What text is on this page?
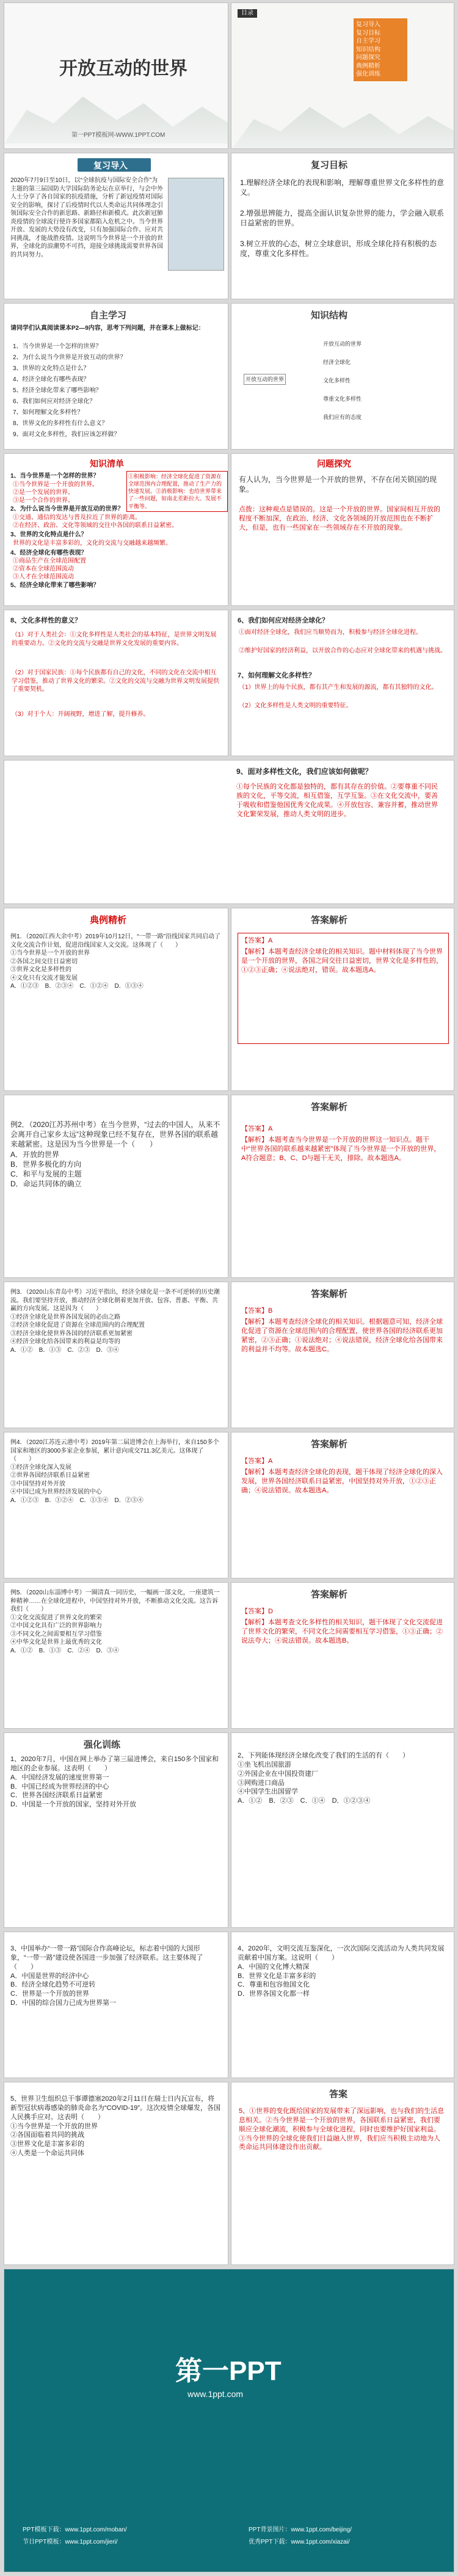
开放互动的世界
第一PPT模板网-WWW.1PPT.COM
目录
复习导入
复习目标
自主学习
知识结构
问题探究
典例精析
强化训练
复习导入
2020年7月9日至10日，以“全球抗疫与国际安全合作”为主题的第三届国防大学国际防务论坛在京举行，与会中外人士分享了各自国家的抗疫措施，分析了新冠疫情对国际安全的影响，探讨了后疫情时代以人类命运共同体理念引领国际安全合作的新思路、新路径和新模式。此次新冠肺炎疫情的全球流行使许多国家都陷入危机之中。当今世界开放、发展的大势没有改变，只有加强国际合作、应对共同挑战，才能战胜疫情。这说明当今世界是一个开放的世界，全球化的浪潮势不可挡，迎接全球挑战需要世界各国的共同努力。
复习目标
1.理解经济全球化的表现和影响，理解尊重世界文化多样性的意义。
2.增强思辨能力，提高全面认识复杂世界的能力，学会融入联系日益紧密的世界。
3.树立开放的心态，树立全球意识，形成全球化持有积极的态度，尊重文化多样性。
自主学习
请同学们认真阅读课本P2—9内容，思考下列问题，并在课本上做标记：
1、当今世界是一个怎样的世界？
2、为什么说当今世界是开放互动的世界？
3、世界的文化特点是什么？
4、经济全球化有哪些表现？
5、经济全球化带来了哪些影响？
6、我们如何应对经济全球化？
7、如何理解文化多样性？
8、世界文化的多样性有什么意义？
9、面对文化多样性，我们应该怎样做？
知识结构
开放互动的世界
开放互动的世界
经济全球化
文化多样性
尊重文化多样性
我们应有的态度
知识清单
1、当今世界是一个怎样的世界？
①当今世界是一个开放的世界。
②是一个发展的世界。
③是一个合作的世界。
2、为什么说当今世界是开放互动的世界？
①交通、通信的发达与普及拉近了世界的距离。
②在经济、政治、文化等领域的交往中各国的联系日益紧密。
3、世界的文化特点是什么？
世界的文化是丰富多彩的，文化的交流与交融越来越频繁。
4、经济全球化有哪些表现？
①商品生产在全球范围配置
②资本在全球范围流动
③人才在全球范围流动
5、经济全球化带来了哪些影响？
①积极影响：经济全球化促进了资源在全球范围内合理配置，推动了生产力的快速发展。②消极影响：也给世界带来了一些问题，如南北差距拉大、发展不平衡等。
问题探究
有人认为，当今世界是一个开放的世界，不存在闭关锁国的现象。
点拨：这种观点是错误的。这是一个开放的世界。国家间相互开放的程度不断加深，在政治、经济、文化各领域的开放范围也在不断扩大，但是，也有一些国家在一些领域存在不开放的现象。
8、文化多样性的意义？
（1）对于人类社会：①文化多样性是人类社会的基本特征，是世界文明发展的重要动力。②文化的交流与交融是世界文化发展的重要内容。
（2）对于国家民族：①每个民族都有自己的文化，不同的文化在交流中相互学习借鉴，推动了世界文化的繁荣。②文化的交流与交融为世界文明发展提供了重要契机。
（3）对于个人：开阔视野，增进了解，提升修养。
6、我们如何应对经济全球化？
①面对经济全球化，我们应当顺势而为，积极参与经济全球化进程。
②维护好国家的经济利益，以开放合作的心态应对全球化带来的机遇与挑战。
7、如何理解文化多样性？
（1）世界上的每个民族，都有其产生和发展的源流，都有其独特的文化。
（2）文化多样性是人类文明的重要特征。
9、面对多样性文化，我们应该如何做呢？
①每个民族的文化都是独特的，都有其存在的价值。②要尊重不同民族的文化，平等交流，相互借鉴，互学互鉴。③在文化交流中，要善于吸收和借鉴他国优秀文化成果。④开放包容、兼容并蓄，推动世界文化繁荣发展，推动人类文明的进步。
典例精析
例1．（2020江西大余中考）2019年10月12日，“一带一路”沿线国家共同启动了文化交流合作计划，促进沿线国家人文交流。这体现了（　　）
①当今世界是一个开放的世界
②各国之间交往日益密切
③世界文化是多样性的
④文化只有交流才能发展
A．①②③　B．②③④　C．①②④　D．①③④
答案解析
【答案】A
【解析】本题考查经济全球化的相关知识。题中材料体现了当今世界是一个开放的世界，各国之间交往日益密切，世界文化是多样性的，①②③正确；④说法绝对，错误。故本题选A。
例2．（2020江苏苏州中考）在当今世界，“过去的中国人，从来不会离开自己家乡太远”这种现象已经不复存在，世界各国的联系越来越紧密。这是因为当今世界是一个（　　）
A．开放的世界
B．世界多极化的方向
C．和平与发展的主题
D．命运共同体的确立
答案解析
【答案】A
【解析】本题考查当今世界是一个开放的世界这一知识点。题干中“世界各国的联系越来越紧密”体现了当今世界是一个开放的世界，A符合题意；B、C、D与题干无关，排除。故本题选A。
例3．（2020山东青岛中考）习近平指出，经济全球化是一条不可逆转的历史潮流。我们要坚持开放，推动经济全球化朝着更加开放、包容、普惠、平衡、共赢的方向发展。这是因为（　　）
①经济全球化是世界各国发展的必由之路
②经济全球化促进了资源在全球范围内的合理配置
③经济全球化使世界各国的经济联系更加紧密
④经济全球化给各国带来的利益是均等的
A．①②　B．①③　C．②③　D．③④
答案解析
【答案】B
【解析】本题考查经济全球化的相关知识。根据题意可知，经济全球化促进了资源在全球范围内的合理配置，使世界各国的经济联系更加紧密，②③正确；①说法绝对；④说法错误，经济全球化给各国带来的利益并不均等。故本题选C。
例4．（2020江苏连云港中考）2019年第二届进博会在上海举行，来自150多个国家和地区的3000多家企业参展，累计意向成交711.3亿美元。这体现了（　　）
①经济全球化深入发展
②世界各国经济联系日益紧密
③中国坚持对外开放
④中国已成为世界经济发展的中心
A．①②③　B．①②④　C．①③④　D．②③④
答案解析
【答案】A
【解析】本题考查经济全球化的表现，题干体现了经济全球化的深入发展，世界各国经济联系日益紧密，中国坚持对外开放，①②③正确；④说法错误。故本题选A。
例5．（2020山东淄博中考）一圈清真一同历史，一幅画一部文化，一座建筑一种精神……在全球化进程中，中国坚持对外开放，不断推动文化交流。这告诉我们（　　）
①文化交流促进了世界文化的繁荣
②中国文化具有广泛的世界影响力
③不同文化之间需要相互学习借鉴
④中华文化是世界上最优秀的文化
A．①②　B．①③　C．②④　D．③④
答案解析
【答案】D
【解析】本题考查文化多样性的相关知识，题干体现了文化交流促进了世界文化的繁荣，不同文化之间需要相互学习借鉴，①③正确；②说法夸大；④说法错误。故本题选B。
强化训练
1、2020年7月，中国在网上举办了第三届进博会，来自150多个国家和地区的企业参展。这表明（　　）
A．中国经济发展的速度世界第一
B．中国已经成为世界经济的中心
C．世界各国经济联系日益紧密
D．中国是一个开放的国家，坚持对外开放
2、下列能体现经济全球化改变了我们的生活的有（　　）
①坐飞机出国旅游
②外国企业在中国投资建厂
③网购进口商品
④中国学生出国留学
A．①②　B．②③　C．①④　D．①②③④
3、中国举办“一带一路”国际合作高峰论坛，标志着中国的大国形象，“一带一路”建设使各国进一步加强了经济联系。这主要体现了（　　）
A．中国是世界的经济中心
B．经济全球化趋势不可逆转
C．世界是一个开放的世界
D．中国的综合国力已成为世界第一
4、2020年，文明交流互鉴深化，一次次国际交流活动为人类共同发展贡献着中国方案。这说明（　　）
A．中国的文化博大精深
B．世界文化是丰富多彩的
C．尊重和包容他国文化
D．世界各国文化都一样
5、世界卫生组织总干事谭德塞2020年2月11日在瑞士日内瓦宣布，将新型冠状病毒感染的肺炎命名为“COVID-19”。这次疫情全球爆发，各国人民携手应对。这表明（　　）
①当今世界是一个开放的世界
②各国面临着共同的挑战
③世界文化是丰富多彩的
④人类是一个命运共同体
答案
5、①世界的变化既给国家的发展带来了深远影响，也与我们的生活息息相关。②当今世界是一个开放的世界，各国联系日益紧密，我们要顺应全球化潮流，积极参与全球化进程，同时也要维护好国家利益。③当今世界的全球化使我们日益融入世界，我们应当积极主动地为人类命运共同体建设作出贡献。
第一PPT
www.1ppt.com
PPT模板下载：www.1ppt.com/moban/
节日PPT模板：www.1ppt.com/jieri/
PPT背景图片：www.1ppt.com/beijing/
优秀PPT下载：www.1ppt.com/xiazai/
